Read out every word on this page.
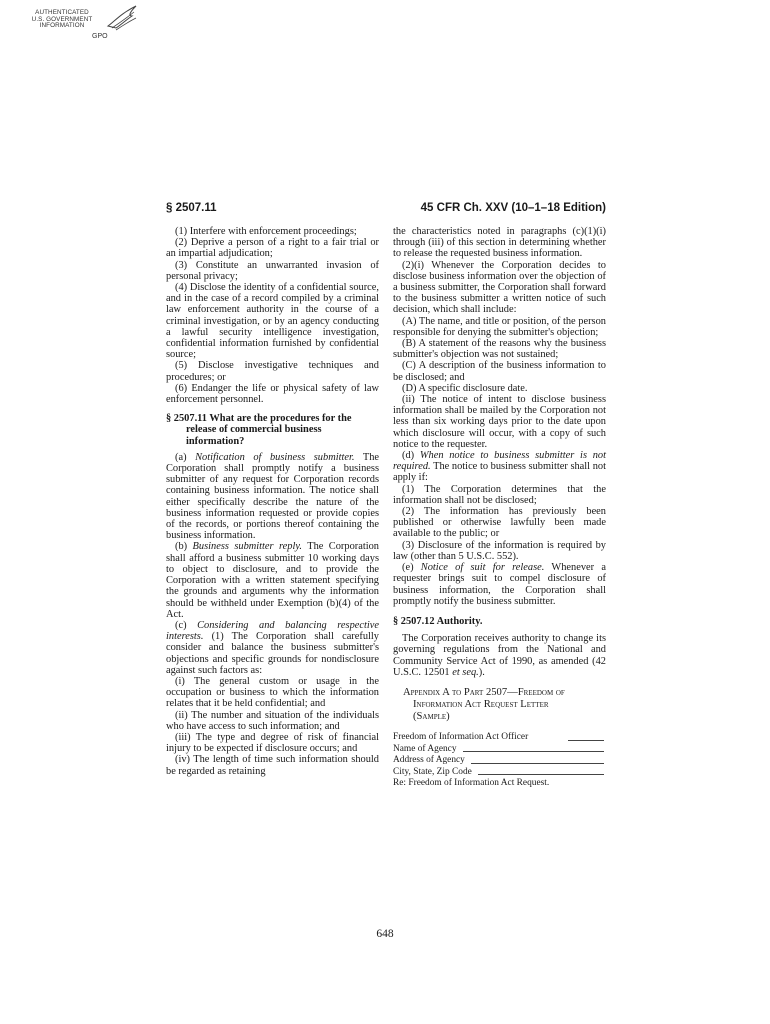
AUTHENTICATED
U.S. GOVERNMENT
INFORMATION
GPO
§ 2507.11	45 CFR Ch. XXV (10–1–18 Edition)

(1) Interfere with enforcement proceedings;

(2) Deprive a person of a right to a fair trial or an impartial adjudication;

(3) Constitute an unwarranted invasion of personal privacy;

(4) Disclose the identity of a confidential source, and in the case of a record compiled by a criminal law enforcement authority in the course of a criminal investigation, or by an agency conducting a lawful security intelligence investigation, confidential information furnished by confidential source;

(5) Disclose investigative techniques and procedures; or

(6) Endanger the life or physical safety of law enforcement personnel.

§ 2507.11 What are the procedures for the release of commercial business information?

(a) Notification of business submitter. The Corporation shall promptly notify a business submitter of any request for Corporation records containing business information. The notice shall either specifically describe the nature of the business information requested or provide copies of the records, or portions thereof containing the business information.

(b) Business submitter reply. The Corporation shall afford a business submitter 10 working days to object to disclosure, and to provide the Corporation with a written statement specifying the grounds and arguments why the information should be withheld under Exemption (b)(4) of the Act.

(c) Considering and balancing respective interests. (1) The Corporation shall carefully consider and balance the business submitter's objections and specific grounds for nondisclosure against such factors as:

(i) The general custom or usage in the occupation or business to which the information relates that it be held confidential; and

(ii) The number and situation of the individuals who have access to such information; and

(iii) The type and degree of risk of financial injury to be expected if disclosure occurs; and

(iv) The length of time such information should be regarded as retaining

the characteristics noted in paragraphs (c)(1)(i) through (iii) of this section in determining whether to release the requested business information.

(2)(i) Whenever the Corporation decides to disclose business information over the objection of a business submitter, the Corporation shall forward to the business submitter a written notice of such decision, which shall include:

(A) The name, and title or position, of the person responsible for denying the submitter's objection;

(B) A statement of the reasons why the business submitter's objection was not sustained;

(C) A description of the business information to be disclosed; and

(D) A specific disclosure date.

(ii) The notice of intent to disclose business information shall be mailed by the Corporation not less than six working days prior to the date upon which disclosure will occur, with a copy of such notice to the requester.

(d) When notice to business submitter is not required. The notice to business submitter shall not apply if:

(1) The Corporation determines that the information shall not be disclosed;

(2) The information has previously been published or otherwise lawfully been made available to the public; or

(3) Disclosure of the information is required by law (other than 5 U.S.C. 552).

(e) Notice of suit for release. Whenever a requester brings suit to compel disclosure of business information, the Corporation shall promptly notify the business submitter.

§ 2507.12 Authority.

The Corporation receives authority to change its governing regulations from the National and Community Service Act of 1990, as amended (42 U.S.C. 12501 et seq.).

Appendix A to Part 2507—Freedom of
Information Act Request Letter
(Sample)

Freedom of Information Act Officer
Name of Agency
Address of Agency
City, State, Zip Code
Re: Freedom of Information Act Request.
648
